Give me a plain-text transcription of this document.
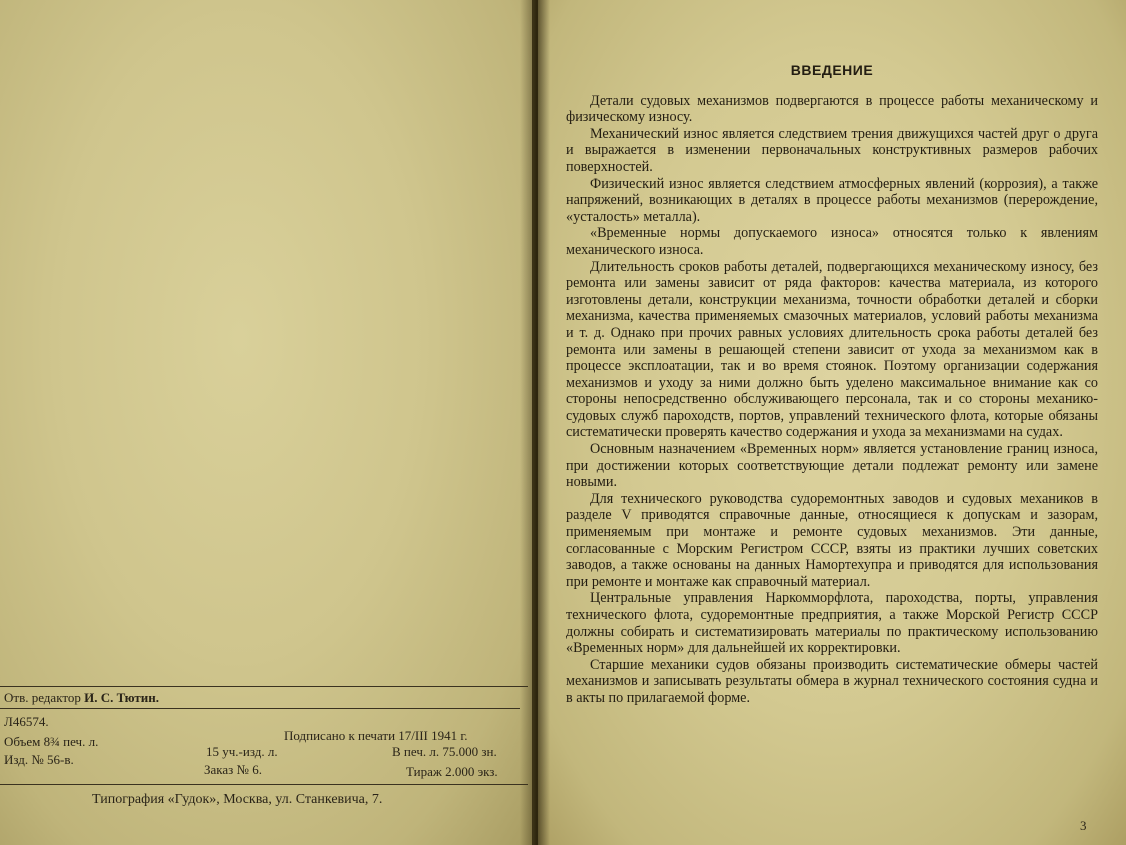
Отв. редактор И. С. Тютин.
Л46574.
Объем 8¾ печ. л.
Изд. № 56-в.
Подписано к печати 17/III 1941 г.
15 уч.-изд. л.	В печ. л. 75.000 зн.
Заказ № 6.	Тираж 2.000 экз.
Типография «Гудок», Москва, ул. Станкевича, 7.
ВВЕДЕНИЕ

Детали судовых механизмов подвергаются в процессе работы механическому и физическому износу.

Механический износ является следствием трения движущихся частей друг о друга и выражается в изменении первоначальных конструктивных размеров рабочих поверхностей.

Физический износ является следствием атмосферных явлений (коррозия), а также напряжений, возникающих в деталях в процессе работы механизмов (перерождение, «усталость» металла).

«Временные нормы допускаемого износа» относятся только к явлениям механического износа.

Длительность сроков работы деталей, подвергающихся механическому износу, без ремонта или замены зависит от ряда факторов: качества материала, из которого изготовлены детали, конструкции механизма, точности обработки деталей и сборки механизма, качества применяемых смазочных материалов, условий работы механизма и т. д. Однако при прочих равных условиях длительность срока работы деталей без ремонта или замены в решающей степени зависит от ухода за механизмом как в процессе эксплоатации, так и во время стоянок. Поэтому организации содержания механизмов и уходу за ними должно быть уделено максимальное внимание как со стороны непосредственно обслуживающего персонала, так и со стороны механико-судовых служб пароходств, портов, управлений технического флота, которые обязаны систематически проверять качество содержания и ухода за механизмами на судах.

Основным назначением «Временных норм» является установление границ износа, при достижении которых соответствующие детали подлежат ремонту или замене новыми.

Для технического руководства судоремонтных заводов и судовых механиков в разделе V приводятся справочные данные, относящиеся к допускам и зазорам, применяемым при монтаже и ремонте судовых механизмов. Эти данные, согласованные с Морским Регистром СССР, взяты из практики лучших советских заводов, а также основаны на данных Намортехупра и приводятся для использования при ремонте и монтаже как справочный материал.

Центральные управления Наркомморфлота, пароходства, порты, управления технического флота, судоремонтные предприятия, а также Морской Регистр СССР должны собирать и систематизировать материалы по практическому использованию «Временных норм» для дальнейшей их корректировки.

Старшие механики судов обязаны производить систематические обмеры частей механизмов и записывать результаты обмера в журнал технического состояния судна и в акты по прилагаемой форме.

3
